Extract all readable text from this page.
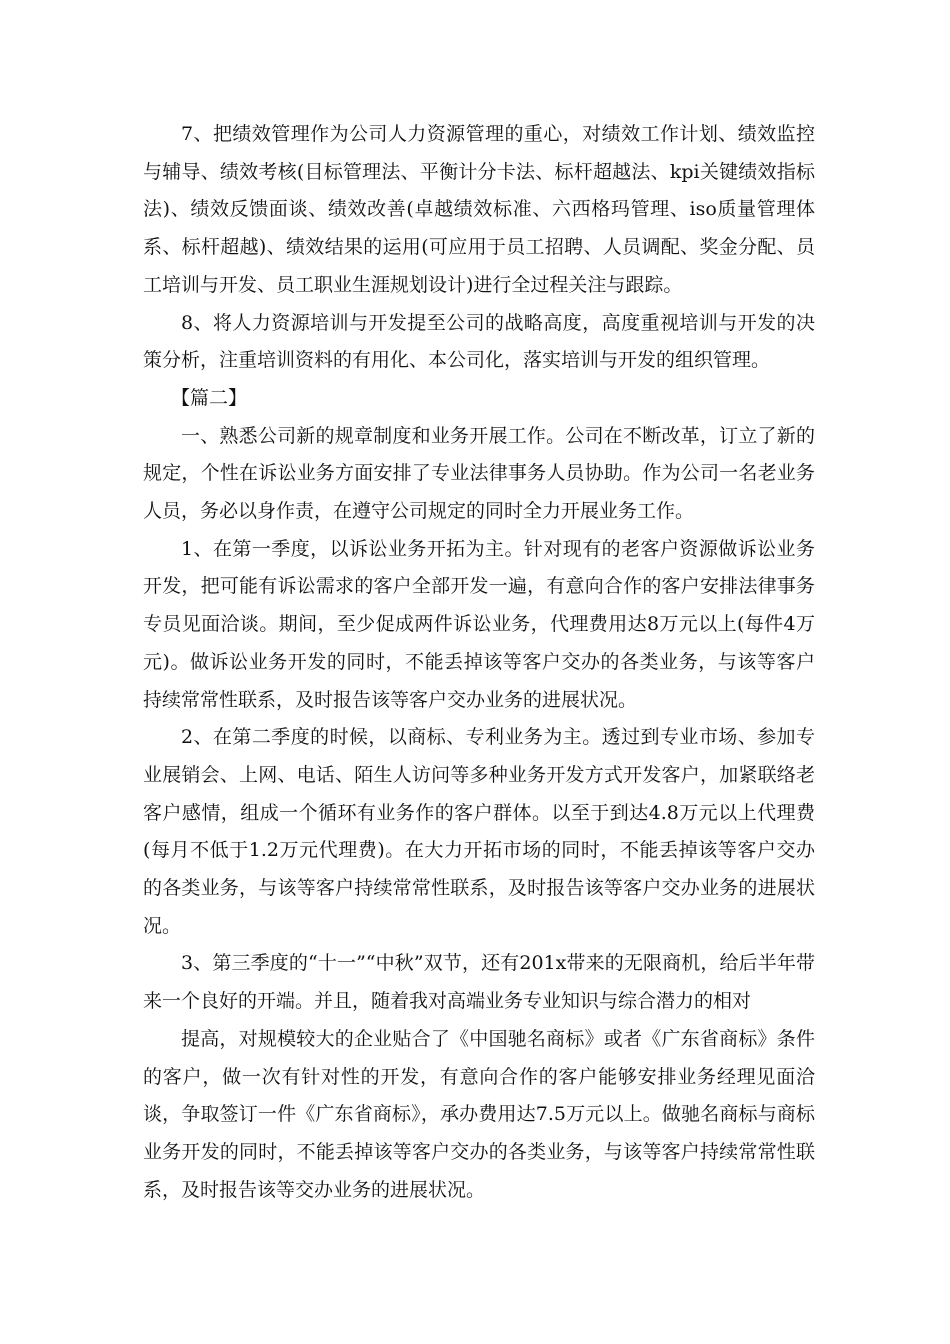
7、把绩效管理作为公司人力资源管理的重心，对绩效工作计划、绩效监控与辅导、绩效考核(目标管理法、平衡计分卡法、标杆超越法、kpi关键绩效指标法)、绩效反馈面谈、绩效改善(卓越绩效标准、六西格玛管理、iso质量管理体系、标杆超越)、绩效结果的运用(可应用于员工招聘、人员调配、奖金分配、员工培训与开发、员工职业生涯规划设计)进行全过程关注与跟踪。

8、将人力资源培训与开发提至公司的战略高度，高度重视培训与开发的决策分析，注重培训资料的有用化、本公司化，落实培训与开发的组织管理。

【篇二】

一、熟悉公司新的规章制度和业务开展工作。公司在不断改革，订立了新的规定，个性在诉讼业务方面安排了专业法律事务人员协助。作为公司一名老业务人员，务必以身作责，在遵守公司规定的同时全力开展业务工作。

1、在第一季度，以诉讼业务开拓为主。针对现有的老客户资源做诉讼业务开发，把可能有诉讼需求的客户全部开发一遍，有意向合作的客户安排法律事务专员见面洽谈。期间，至少促成两件诉讼业务，代理费用达8万元以上(每件4万元)。做诉讼业务开发的同时，不能丢掉该等客户交办的各类业务，与该等客户持续常常性联系，及时报告该等客户交办业务的进展状况。

2、在第二季度的时候，以商标、专利业务为主。透过到专业市场、参加专业展销会、上网、电话、陌生人访问等多种业务开发方式开发客户，加紧联络老客户感情，组成一个循环有业务作的客户群体。以至于到达4.8万元以上代理费(每月不低于1.2万元代理费)。在大力开拓市场的同时，不能丢掉该等客户交办的各类业务，与该等客户持续常常性联系，及时报告该等客户交办业务的进展状况。

3、第三季度的“十一”“中秋”双节，还有201x带来的无限商机，给后半年带来一个良好的开端。并且，随着我对高端业务专业知识与综合潜力的相对

提高，对规模较大的企业贴合了《中国驰名商标》或者《广东省商标》条件的客户，做一次有针对性的开发，有意向合作的客户能够安排业务经理见面洽谈，争取签订一件《广东省商标》，承办费用达7.5万元以上。做驰名商标与商标业务开发的同时，不能丢掉该等客户交办的各类业务，与该等客户持续常常性联系，及时报告该等交办业务的进展状况。
